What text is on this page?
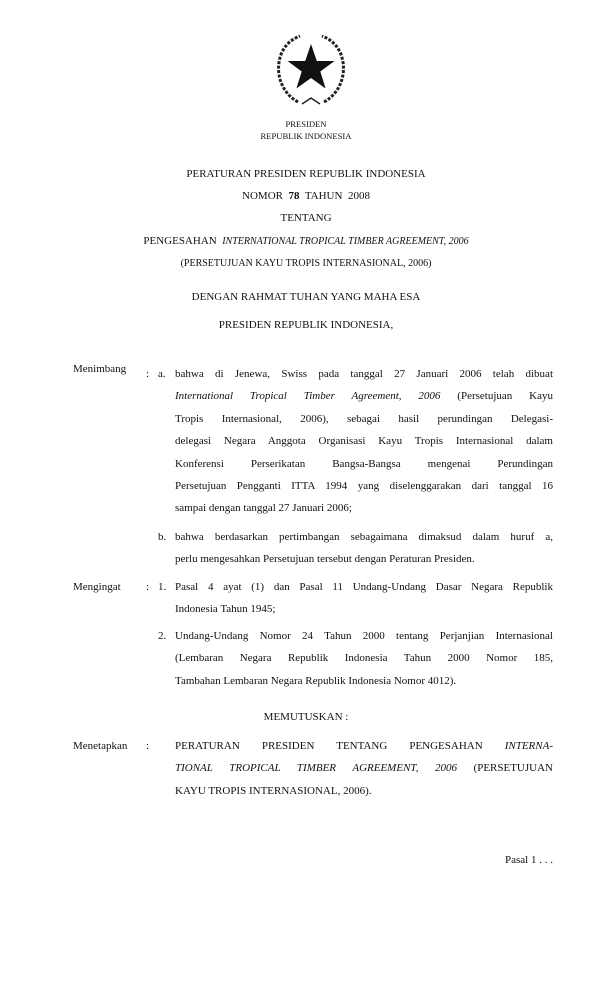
PRESIDEN
REPUBLIK INDONESIA
PERATURAN PRESIDEN REPUBLIK INDONESIA
NOMOR 78 TAHUN 2008
TENTANG
PENGESAHAN INTERNATIONAL TROPICAL TIMBER AGREEMENT, 2006
(PERSETUJUAN KAYU TROPIS INTERNASIONAL, 2006)
DENGAN RAHMAT TUHAN YANG MAHA ESA
PRESIDEN REPUBLIK INDONESIA,
Menimbang	: a. bahwa di Jenewa, Swiss pada tanggal 27 Januari 2006 telah dibuat
International Tropical Timber Agreement, 2006 (Persetujuan Kayu
Tropis Internasional, 2006), sebagai hasil perundingan Delegasi-
delegasi Negara Anggota Organisasi Kayu Tropis Internasional dalam
Konferensi Perserikatan Bangsa-Bangsa mengenai Perundingan
Persetujuan Pengganti ITTA 1994 yang diselenggarakan dari tanggal 16
sampai dengan tanggal 27 Januari 2006;
b. bahwa berdasarkan pertimbangan sebagaimana dimaksud dalam huruf a,
perlu mengesahkan Persetujuan tersebut dengan Peraturan Presiden.
Mengingat	: 1. Pasal 4 ayat (1) dan Pasal 11 Undang-Undang Dasar Negara Republik
Indonesia Tahun 1945;
2. Undang-Undang Nomor 24 Tahun 2000 tentang Perjanjian Internasional
(Lembaran Negara Republik Indonesia Tahun 2000 Nomor 185,
Tambahan Lembaran Negara Republik Indonesia Nomor 4012).
MEMUTUSKAN :
Menetapkan	: PERATURAN PRESIDEN TENTANG PENGESAHAN INTERNA-
TIONAL TROPICAL TIMBER AGREEMENT, 2006 (PERSETUJUAN
KAYU TROPIS INTERNASIONAL, 2006).
Pasal 1 . . .
